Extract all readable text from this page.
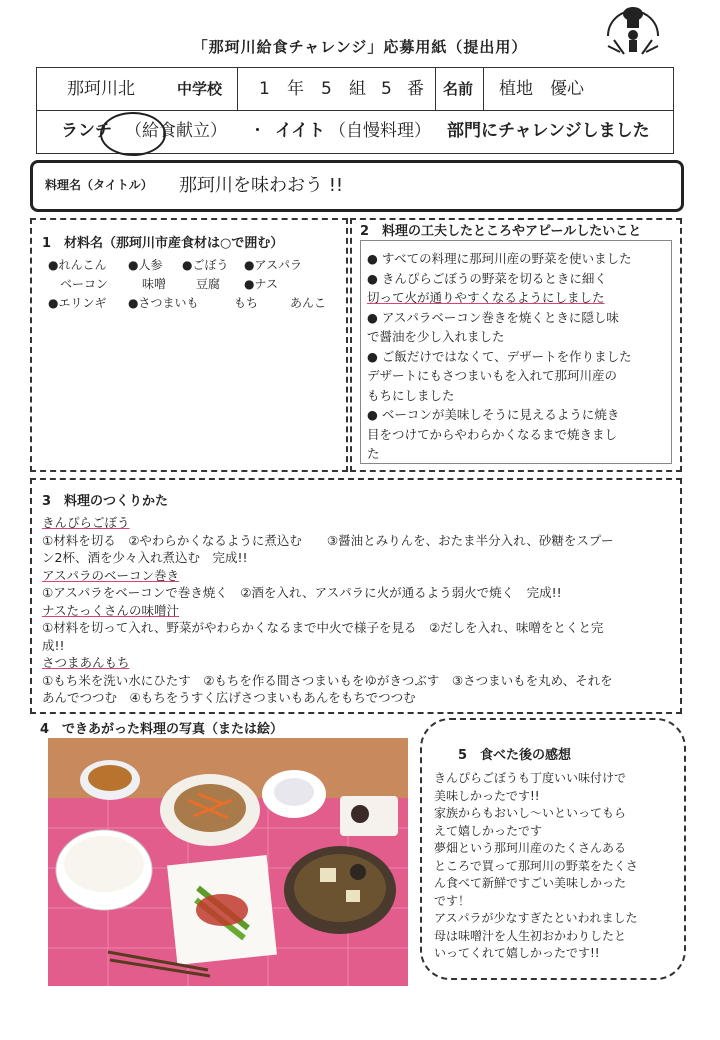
「那珂川給食チャレンジ」応募用紙（提出用）
那珂川北	中学校 1 年 5 組 5 番 名前 植地　優心
ランチ （給食献立） ・ イイト （自慢料理） 部門にチャレンジしました
料理名（タイトル） 那珂川を味わおう !!
1　材料名（那珂川市産食材は○で囲む）
●れんこん ●人参 ●ごぼう ●アスパラ
ベーコン	味噌 豆腐 ●ナス
●エリンギ ●さつまいも	もち	あんこ
2　料理の工夫したところやアピールしたいこと
● すべての料理に那珂川産の野菜を使いました
● きんぴらごぼうの野菜を切るときに細く
切って火が通りやすくなるようにしました
● アスパラベーコン巻きを焼くときに隠し味
で醤油を少し入れました
● ご飯だけではなくて、デザートを作りました
デザートにもさつまいもを入れて那珂川産の
もちにしました
● ベーコンが美味しそうに見えるように焼き
目をつけてからやわらかくなるまで焼きまし
た
3　料理のつくりかた
きんぴらごぼう
①材料を切る　②やわらかくなるように煮込む　　③醤油とみりんを、おたま半分入れ、砂糖をスプー
ン2杯、酒を少々入れ煮込む　完成!!
アスパラのベーコン巻き
①アスパラをベーコンで巻き焼く　②酒を入れ、アスパラに火が通るよう弱火で焼く　完成!!
ナスたっくさんの味噌汁
①材料を切って入れ、野菜がやわらかくなるまで中火で様子を見る　②だしを入れ、味噌をとくと完
成!!
さつまあんもち
①もち米を洗い水にひたす　②もちを作る間さつまいもをゆがきつぶす　③さつまいもを丸め、それを
あんでつつむ　④もちをうすく広げさつまいもあんをもちでつつむ
4　できあがった料理の写真（または絵）
5　食べた後の感想
きんぴらごぼうも丁度いい味付けで
美味しかったです!!
家族からもおいし～いといってもら
えて嬉しかったです
夢畑という那珂川産のたくさんある
ところで買って那珂川の野菜をたくさ
ん食べて新鮮ですごい美味しかった
です！
アスパラが少なすぎたといわれました
母は味噌汁を人生初おかわりしたと
いってくれて嬉しかったです!!
